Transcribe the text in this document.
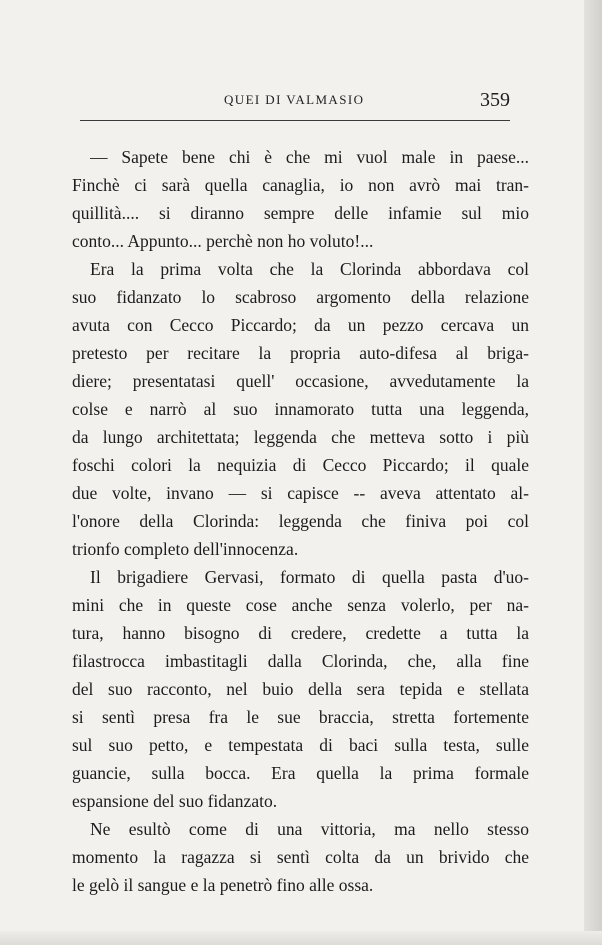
QUEI DI VALMASIO	359
— Sapete bene chi è che mi vuol male in paese...
Finchè ci sarà quella canaglia, io non avrò mai tran-
quillità.... si diranno sempre delle infamie sul mio
conto... Appunto... perchè non ho voluto!...
Era la prima volta che la Clorinda abbordava col
suo fidanzato lo scabroso argomento della relazione
avuta con Cecco Piccardo; da un pezzo cercava un
pretesto per recitare la propria auto-difesa al briga-
diere; presentatasi quell' occasione, avvedutamente la
colse e narrò al suo innamorato tutta una leggenda,
da lungo architettata; leggenda che metteva sotto i più
foschi colori la nequizia di Cecco Piccardo; il quale
due volte, invano — si capisce -- aveva attentato al-
l'onore della Clorinda: leggenda che finiva poi col
trionfo completo dell'innocenza.
Il brigadiere Gervasi, formato di quella pasta d'uo-
mini che in queste cose anche senza volerlo, per na-
tura, hanno bisogno di credere, credette a tutta la
filastrocca imbastitagli dalla Clorinda, che, alla fine
del suo racconto, nel buio della sera tepida e stellata
si sentì presa fra le sue braccia, stretta fortemente
sul suo petto, e tempestata di baci sulla testa, sulle
guancie, sulla bocca. Era quella la prima formale
espansione del suo fidanzato.
Ne esultò come di una vittoria, ma nello stesso
momento la ragazza si sentì colta da un brivido che
le gelò il sangue e la penetrò fino alle ossa.
